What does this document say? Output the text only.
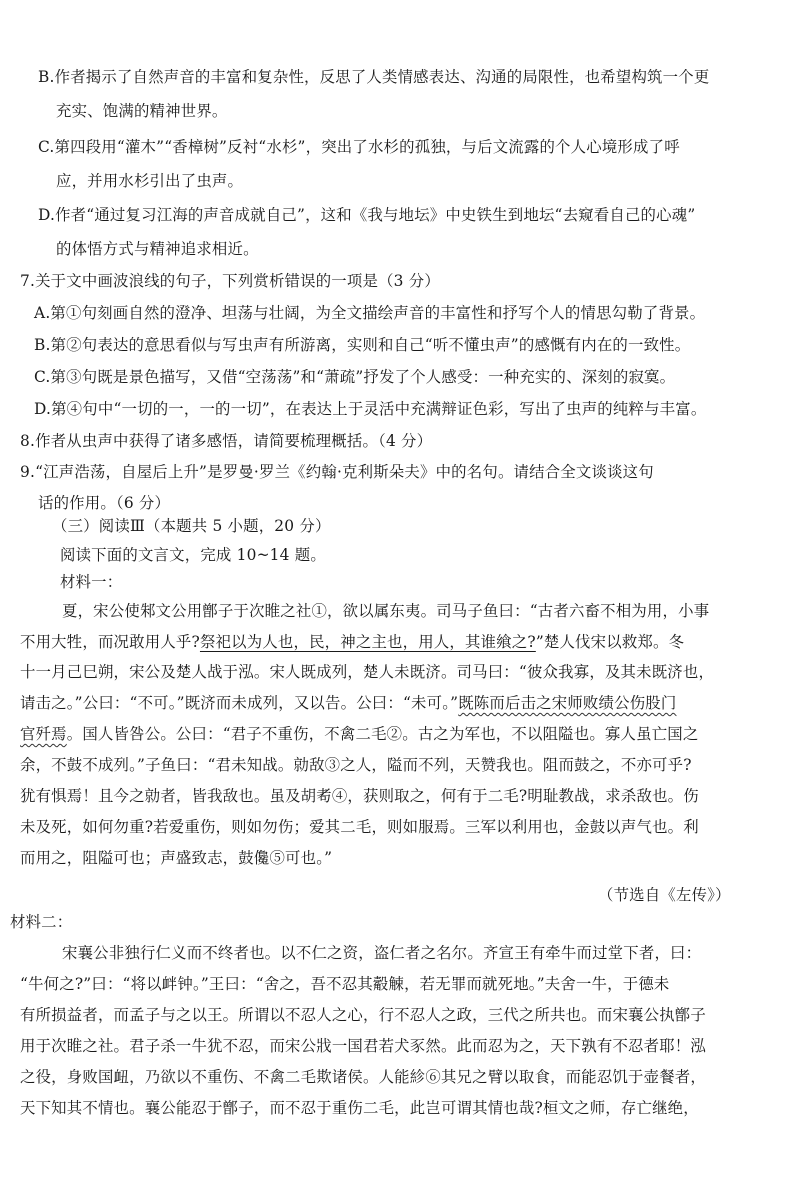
B.作者揭示了自然声音的丰富和复杂性，反思了人类情感表达、沟通的局限性，也希望构筑一个更
充实、饱满的精神世界。
C.第四段用“灌木”“香樟树”反衬“水杉”，突出了水杉的孤独，与后文流露的个人心境形成了呼
应，并用水杉引出了虫声。
D.作者“通过复习江海的声音成就自己”，这和《我与地坛》中史铁生到地坛“去窥看自己的心魂”
的体悟方式与精神追求相近。
7.关于文中画波浪线的句子，下列赏析错误的一项是（3 分）
A.第①句刻画自然的澄净、坦荡与壮阔，为全文描绘声音的丰富性和抒写个人的情思勾勒了背景。
B.第②句表达的意思看似与写虫声有所游离，实则和自己“听不懂虫声”的感慨有内在的一致性。
C.第③句既是景色描写，又借“空荡荡”和“萧疏”抒发了个人感受：一种充实的、深刻的寂寞。
D.第④句中“一切的一，一的一切”，在表达上于灵活中充满辩证色彩，写出了虫声的纯粹与丰富。
8.作者从虫声中获得了诸多感悟，请简要梳理概括。（4 分）
9.“江声浩荡，自屋后上升”是罗曼·罗兰《约翰·克利斯朵夫》中的名句。请结合全文谈谈这句
话的作用。（6 分）
（三）阅读Ⅲ（本题共 5 小题，20 分）
阅读下面的文言文，完成 10~14 题。
材料一：
夏，宋公使邾文公用鄫子于次睢之社①，欲以属东夷。司马子鱼曰：“古者六畜不相为用，小事
不用大牲，而况敢用人乎?祭祀以为人也，民，神之主也，用人，其谁飨之?”楚人伐宋以救郑。冬
十一月己巳朔，宋公及楚人战于泓。宋人既成列，楚人未既济。司马曰：“彼众我寡，及其未既济也，
请击之。”公曰：“不可。”既济而未成列，又以告。公曰：“未可。”既陈而后击之宋师败绩公伤股门
官歼焉。国人皆咎公。公曰：“君子不重伤，不禽二毛②。古之为军也，不以阻隘也。寡人虽亡国之
余，不鼓不成列。”子鱼曰：“君未知战。勍敌③之人，隘而不列，天赞我也。阻而鼓之，不亦可乎?
犹有惧焉！且今之勍者，皆我敌也。虽及胡耇④，获则取之，何有于二毛?明耻教战，求杀敌也。伤
未及死，如何勿重?若爱重伤，则如勿伤；爱其二毛，则如服焉。三军以利用也，金鼓以声气也。利
而用之，阻隘可也；声盛致志，鼓儳⑤可也。”
（节选自《左传》）
材料二：
宋襄公非独行仁义而不终者也。以不仁之资，盗仁者之名尔。齐宣王有牵牛而过堂下者，曰：
“牛何之?”曰：“将以衅钟。”王曰：“舍之，吾不忍其觳觫，若无罪而就死地。”夫舍一牛，于德未
有所损益者，而孟子与之以王。所谓以不忍人之心，行不忍人之政，三代之所共也。而宋襄公执鄫子
用于次睢之社。君子杀一牛犹不忍，而宋公戕一国君若犬豕然。此而忍为之，天下孰有不忍者耶！泓
之役，身败国衄，乃欲以不重伤、不禽二毛欺诸侯。人能紾⑥其兄之臂以取食，而能忍饥于壶餐者，
天下知其不情也。襄公能忍于鄫子，而不忍于重伤二毛，此岂可谓其情也哉?桓文之师，存亡继绝，
